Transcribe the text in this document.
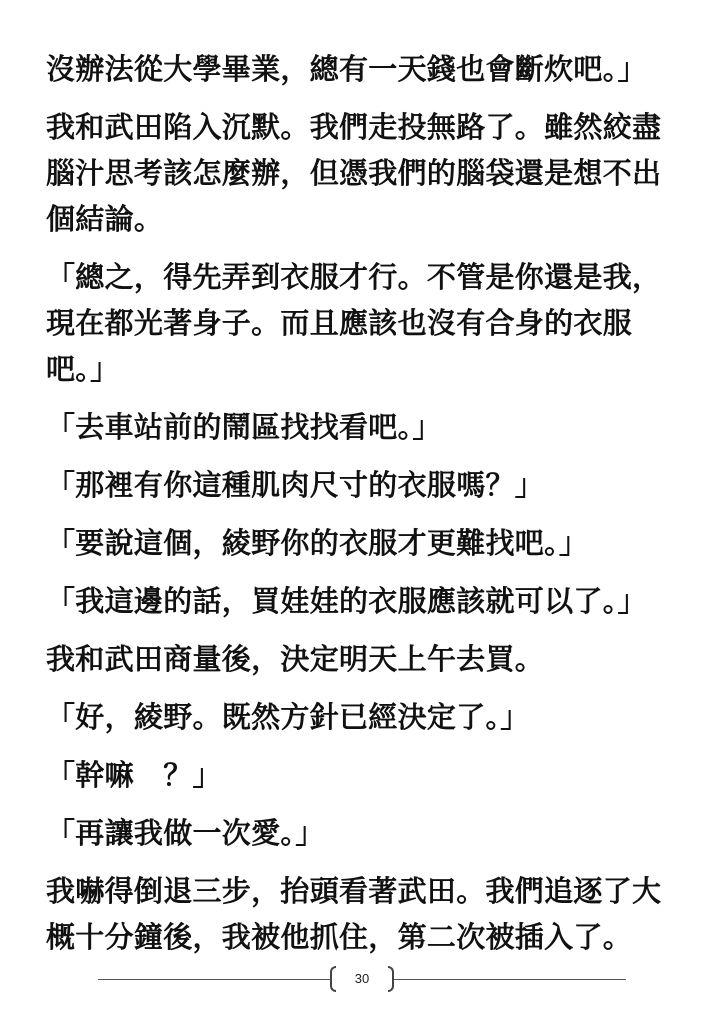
沒辦法從大學畢業，總有一天錢也會斷炊吧。」

我和武田陷入沉默。我們走投無路了。雖然絞盡腦汁思考該怎麼辦，但憑我們的腦袋還是想不出個結論。

「總之，得先弄到衣服才行。不管是你還是我，現在都光著身子。而且應該也沒有合身的衣服吧。」

「去車站前的鬧區找找看吧。」

「那裡有你這種肌肉尺寸的衣服嗎？」

「要說這個，綾野你的衣服才更難找吧。」

「我這邊的話，買娃娃的衣服應該就可以了。」

我和武田商量後，決定明天上午去買。

「好，綾野。既然方針已經決定了。」

「幹嘛　？」

「再讓我做一次愛。」

我嚇得倒退三步，抬頭看著武田。我們追逐了大概十分鐘後，我被他抓住，第二次被插入了。

30
